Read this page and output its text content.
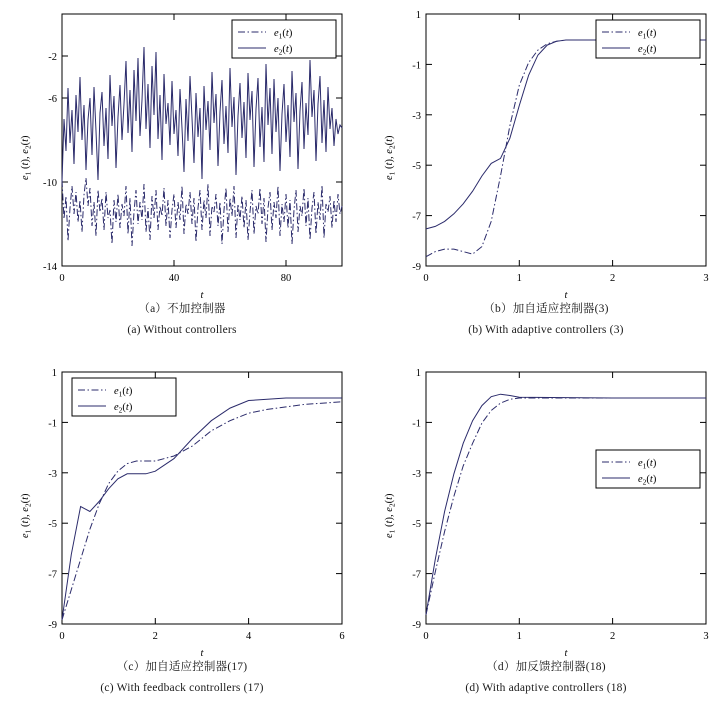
-14
-10
-6
-2
0	40	80
$e_1(t)$
$e_2(t)$
$e_1$ (t), $e_2(t)$
t
（a）不加控制器
(a) Without controllers
-9
-7
-5
-3
-1
1
0	1	2	3
$e_1(t)$
$e_2(t)$
$e_1$ (t), $e_2(t)$
t
（b）加自适应控制器(3)
(b) With adaptive controllers (3)
-9
-7
-5
-3
-1
1
0	2	4	6
$e_1(t)$
$e_2(t)$
$e_1$ (t), $e_2(t)$
t
（c）加自适应控制器(17)
(c) With feedback controllers (17)
-9
-7
-5
-3
-1
1
0	1	2	3
$e_1(t)$
$e_2(t)$
$e_1$ (t), $e_2(t)$
t
（d）加反馈控制器(18)
(d) With adaptive controllers (18)
